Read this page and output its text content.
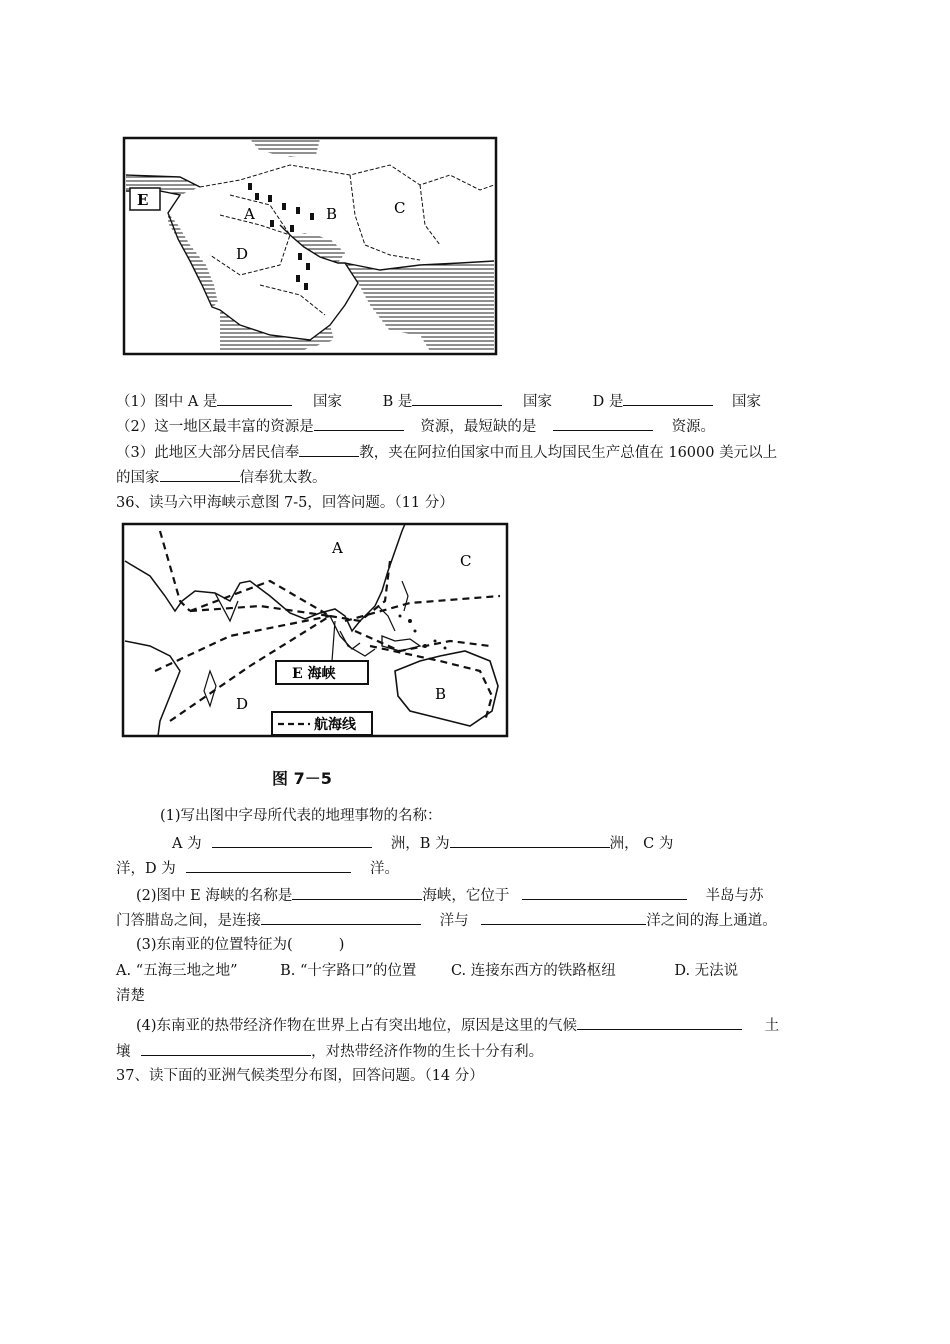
E
A	B	C
D
（1）图中 A 是	国家	B 是	国家	D 是	国家
（2）这一地区最丰富的资源是	资源，最短缺的是	资源。
（3）此地区大部分居民信奉	教，夹在阿拉伯国家中而且人均国民生产总值在 16000 美元以上
的国家	信奉犹太教。
36、读马六甲海峡示意图 7-5，回答问题。（11 分）
E 海峡
航海线
A
C
B
D
图 7－5
(1)写出图中字母所代表的地理事物的名称：
A 为	洲，B 为	洲， C 为
洋，D 为	洋。
(2)图中 E 海峡的名称是	海峡，它位于	半岛与苏
门答腊岛之间，是连接	洋与	洋之间的海上通道。
(3)东南亚的位置特征为(	)
A. “五海三地之地”	B. “十字路口”的位置 C. 连接东西方的铁路枢纽	D. 无法说
清楚
(4)东南亚的热带经济作物在世界上占有突出地位，原因是这里的气候	土
壤	，对热带经济作物的生长十分有利。
37、读下面的亚洲气候类型分布图，回答问题。（14 分）
